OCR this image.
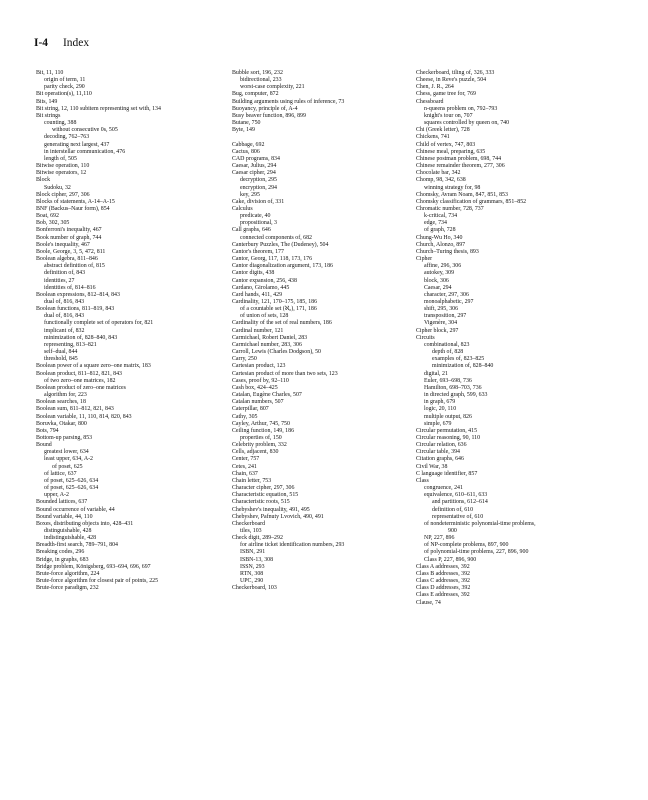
I-4 Index
Bit, 11, 110
origin of term, 11
parity check, 290
Bit operation(s), 11,110
Bits, 149
Bit string, 12, 110 subitem representing set with, 134
Bit strings
counting, 388
without consecutive 0s, 505
decoding, 762–763
generating next largest, 437
in interstellar communication, 476
length of, 505
Bitwise operation, 110
Bitwise operators, 12
Block
Sudoku, 32
Block cipher, 297, 306
Blocks of statements, A-14–A-15
BNF (Backus–Naur form), 854
Boat, 692
Bob, 302, 305
Bonferroni's inequality, 467
Book number of graph, 744
Boole's inequality, 467
Boole, George, 3, 5, 472, 811
Boolean algebra, 811–846
abstract definition of, 815
definition of, 843
identities, 27
identities of, 814–816
Boolean expressions, 812–814, 843
dual of, 816, 843
Boolean functions, 811–819, 843
dual of, 816, 843
functionally complete set of operators for, 821
implicant of, 832
minimization of, 828–840, 843
representing, 813–821
self–dual, 844
threshold, 845
Boolean power of a square zero–one matrix, 183
Boolean product, 811–812, 821, 843
of two zero–one matrices, 182
Boolean product of zero–one matrices
algorithm for, 223
Boolean searches, 18
Boolean sum, 811–812, 821, 843
Boolean variable, 11, 110, 814, 820, 843
Boruvka, Otakar, 800
Bots, 794
Bottom-up parsing, 853
Bound
greatest lower, 634
least upper, 634, A-2
of poset, 625
of lattice, 637
of poset, 625–626, 634
of poset, 625–626, 634
upper, A-2
Bounded lattices, 637
Bound occurrence of variable, 44
Bound variable, 44, 110
Boxes, distributing objects into, 428–431
distinguishable, 428
indistinguishable, 428
Breadth-first search, 789–791, 804
Breaking codes, 296
Bridge, in graphs, 683
Bridge problem, Königsberg, 693–694, 696, 697
Brute-force algorithm, 224
Brute-force algorithm for closest pair of points, 225
Brute-force paradigm, 232
Bubble sort, 196, 232
bidirectional, 233
worst-case complexity, 221
Bug, computer, 872
Building arguments using rules of inference, 73
Buoyancy, principle of, A-4
Busy beaver function, 896, 899
Butane, 750
Byte, 149

Cabbage, 692
Cactus, 806
CAD programs, 834
Caesar, Julius, 294
Caesar cipher, 294
decryption, 295
encryption, 294
key, 295
Cake, division of, 331
Calculus
predicate, 40
propositional, 3
Call graphs, 646
connected components of, 682
Canterbury Puzzles, The (Dudeney), 504
Cantor's theorem, 177
Cantor, Georg, 117, 118, 173, 176
Cantor diagonalization argument, 173, 186
Cantor digits, 438
Cantor expansion, 256, 438
Cardano, Girolamo, 445
Card hands, 411, 429
Cardinality, 121, 170–175, 185, 186
of a countable set (ℵ₀), 171, 186
of union of sets, 128
Cardinality of the set of real numbers, 186
Cardinal number, 121
Carmichael, Robert Daniel, 283
Carmichael number, 283, 306
Carroll, Lewis (Charles Dodgson), 50
Carry, 250
Cartesian product, 123
Cartesian product of more than two sets, 123
Cases, proof by, 92–110
Cash box, 424–425
Catalan, Eugène Charles, 507
Catalan numbers, 507
Caterpillar, 807
Cathy, 305
Cayley, Arthur, 745, 750
Ceiling function, 149, 186
properties of, 150
Celebrity problem, 332
Cells, adjacent, 830
Center, 757
Cetes, 241
Chain, 637
Chain letter, 753
Character cipher, 297, 306
Characteristic equation, 515
Characteristic roots, 515
Chebyshev's inequality, 491, 495
Chebyshev, Pafnuty Lvovich, 490, 491
Checkerboard
tiles, 103
Check digit, 289–292
for airline ticket identification numbers, 293
ISBN, 291
ISBN-13, 308
ISSN, 293
RTN, 308
UPC, 290
Checkerboard, 103
Checkerboard, tiling of, 326, 333
Cheese, in Reve's puzzle, 504
Chen, J. R., 264
Chess, game tree for, 769
Chessboard
n-queens problem on, 792–793
knight's tour on, 707
squares controlled by queen on, 740
Chi (Greek letter), 728
Chickens, 741
Child of vertex, 747, 803
Chinese meal, preparing, 635
Chinese postman problem, 698, 744
Chinese remainder theorem, 277, 306
Chocolate bar, 342
Chomp, 98, 342, 638
winning strategy for, 98
Chomsky, Avram Noam, 847, 851, 853
Chomsky classification of grammars, 851–852
Chromatic number, 728, 737
k-critical, 734
edge, 734
of graph, 728
Chung-Wu Ho, 340
Church, Alonzo, 897
Church–Turing thesis, 893
Cipher
affine, 296, 306
autokey, 309
block, 306
Caesar, 294
character, 297, 306
monoalphabetic, 297
shift, 295, 306
transposition, 297
Vigenère, 304
Cipher block, 297
Circuits
combinational, 823
depth of, 828
examples of, 823–825
minimization of, 828–840
digital, 21
Euler, 693–698, 736
Hamilton, 698–703, 736
in directed graph, 599, 633
in graph, 679
logic, 20, 110
multiple output, 826
simple, 679
Circular permutation, 415
Circular reasoning, 90, 110
Circular relation, 636
Circular table, 394
Citation graphs, 646
Civil War, 38
C language identifier, 857
Class
congruence, 241
equivalence, 610–611, 633
and partitions, 612–614
definition of, 610
representative of, 610
of nondeterministic polynomial-time problems,
900
NP, 227, 896
of NP-complete problems, 897, 900
of polynomial-time problems, 227, 896, 900
Class P, 227, 896, 900
Class A addresses, 392
Class B addresses, 392
Class C addresses, 392
Class D addresses, 392
Class E addresses, 392
Clause, 74
